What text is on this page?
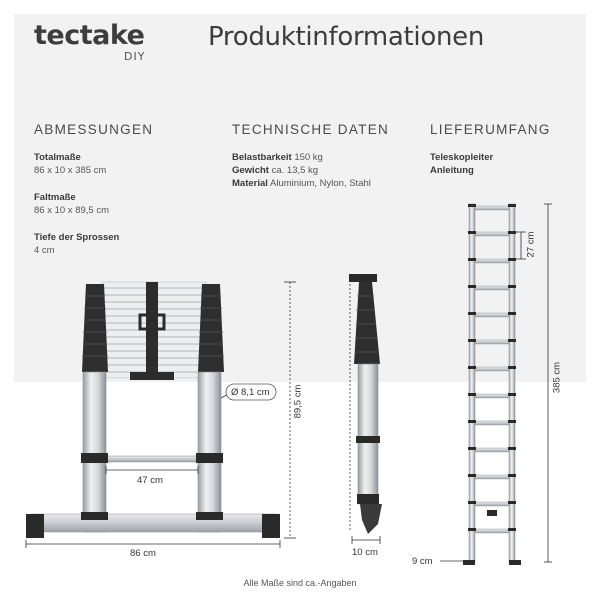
tectake
DIY
Produktinformationen
ABMESSUNGEN
Totalmaße
86 x 10 x 385 cm
Faltmaße
86 x 10 x 89,5 cm
Tiefe der Sprossen
4 cm
TECHNISCHE DATEN
Belastbarkeit 150 kg
Gewicht ca. 13,5 kg
Material Aluminium, Nylon, Stahl
LIEFERUMFANG
Teleskopleiter
Anleitung
86 cm
47 cm
Ø 8,1 cm 89,5 cm
10 cm
27 cm
385 cm
9 cm
Alle Maße sind ca.-Angaben
